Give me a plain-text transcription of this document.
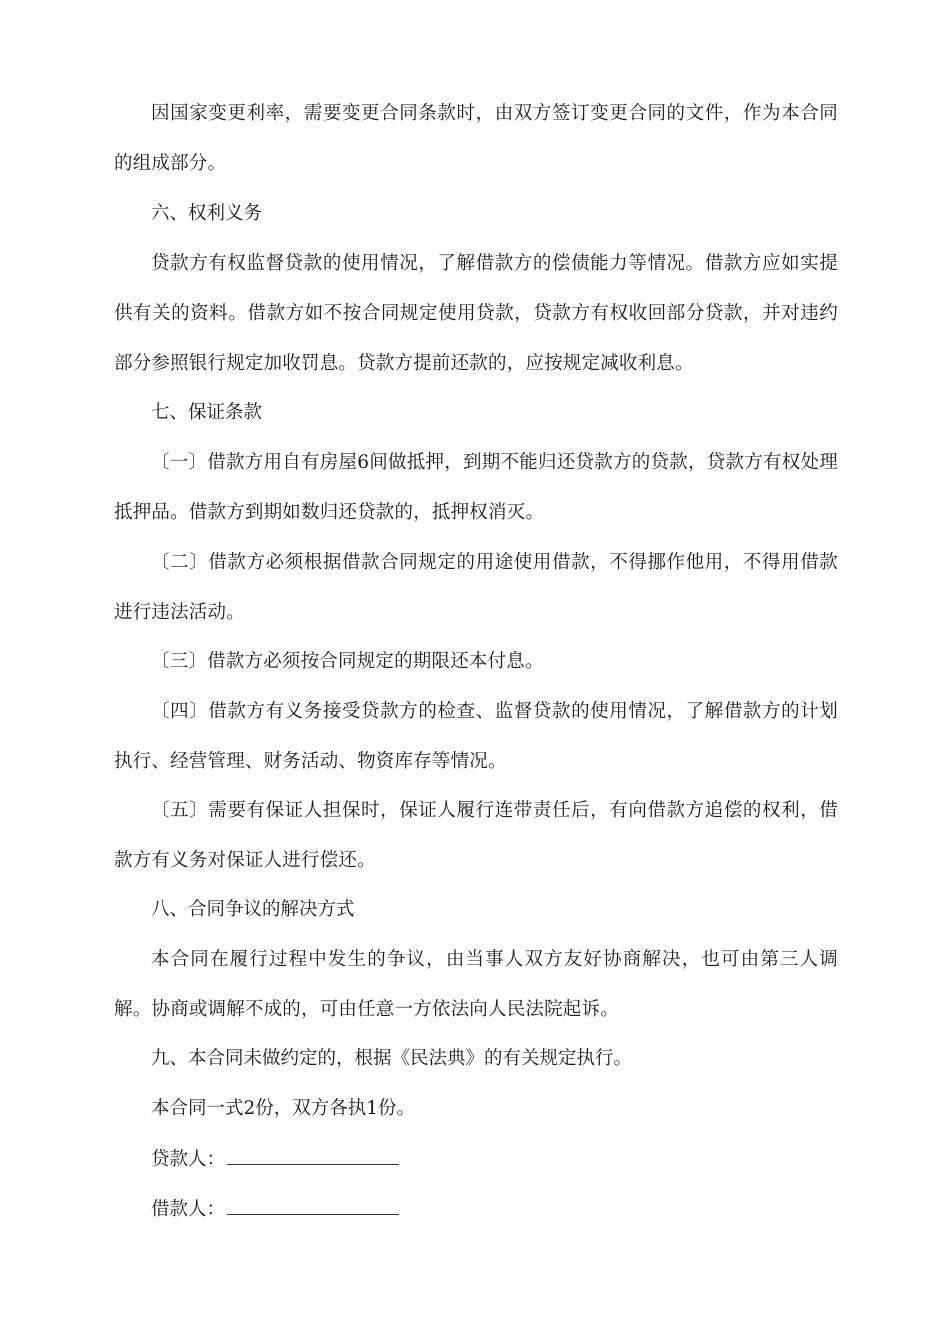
因国家变更利率，需要变更合同条款时，由双方签订变更合同的文件，作为本合同的组成部分。

六、权利义务

贷款方有权监督贷款的使用情况，了解借款方的偿债能力等情况。借款方应如实提供有关的资料。借款方如不按合同规定使用贷款，贷款方有权收回部分贷款，并对违约部分参照银行规定加收罚息。贷款方提前还款的，应按规定减收利息。

七、保证条款

〔一〕借款方用自有房屋6间做抵押，到期不能归还贷款方的贷款，贷款方有权处理抵押品。借款方到期如数归还贷款的，抵押权消灭。

〔二〕借款方必须根据借款合同规定的用途使用借款，不得挪作他用，不得用借款进行违法活动。

〔三〕借款方必须按合同规定的期限还本付息。

〔四〕借款方有义务接受贷款方的检查、监督贷款的使用情况，了解借款方的计划执行、经营管理、财务活动、物资库存等情况。

〔五〕需要有保证人担保时，保证人履行连带责任后，有向借款方追偿的权利，借款方有义务对保证人进行偿还。

八、合同争议的解决方式

本合同在履行过程中发生的争议，由当事人双方友好协商解决，也可由第三人调解。协商或调解不成的，可由任意一方依法向人民法院起诉。

九、本合同未做约定的，根据《民法典》的有关规定执行。

本合同一式2份，双方各执1份。

贷款人：

借款人：
